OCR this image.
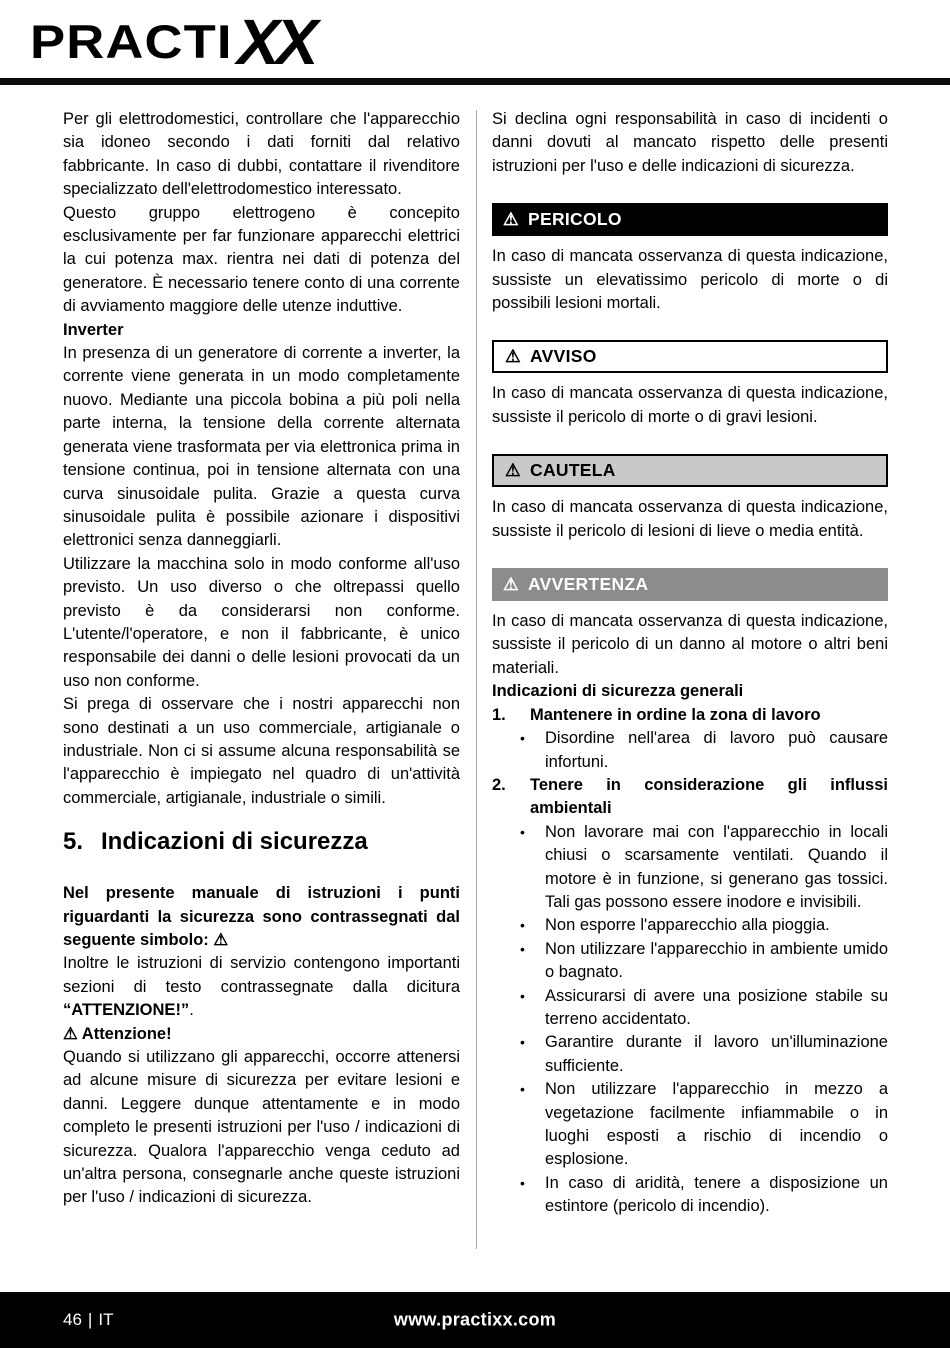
PRACTIXX

Per gli elettrodomestici, controllare che l'apparecchio sia idoneo secondo i dati forniti dal relativo fabbricante. In caso di dubbi, contattare il rivenditore specializzato dell'elettrodomestico interessato.

Questo gruppo elettrogeno è concepito esclusivamente per far funzionare apparecchi elettrici la cui potenza max. rientra nei dati di potenza del generatore. È necessario tenere conto di una corrente di avviamento maggiore delle utenze induttive.

Inverter

In presenza di un generatore di corrente a inverter, la corrente viene generata in un modo completamente nuovo. Mediante una piccola bobina a più poli nella parte interna, la tensione della corrente alternata generata viene trasformata per via elettronica prima in tensione continua, poi in tensione alternata con una curva sinusoidale pulita. Grazie a questa curva sinusoidale pulita è possibile azionare i dispositivi elettronici senza danneggiarli.

Utilizzare la macchina solo in modo conforme all'uso previsto. Un uso diverso o che oltrepassi quello previsto è da considerarsi non conforme. L'utente/l'operatore, e non il fabbricante, è unico responsabile dei danni o delle lesioni provocati da un uso non conforme.

Si prega di osservare che i nostri apparecchi non sono destinati a un uso commerciale, artigianale o industriale. Non ci si assume alcuna responsabilità se l'apparecchio è impiegato nel quadro di un'attività commerciale, artigianale, industriale o simili.

5. Indicazioni di sicurezza

Nel presente manuale di istruzioni i punti riguardanti la sicurezza sono contrassegnati dal seguente simbolo: ⚠

Inoltre le istruzioni di servizio contengono importanti sezioni di testo contrassegnate dalla dicitura “ATTENZIONE!”.

⚠ Attenzione!

Quando si utilizzano gli apparecchi, occorre attenersi ad alcune misure di sicurezza per evitare lesioni e danni. Leggere dunque attentamente e in modo completo le presenti istruzioni per l'uso / indicazioni di sicurezza. Qualora l'apparecchio venga ceduto ad un'altra persona, consegnarle anche queste istruzioni per l'uso / indicazioni di sicurezza.

Si declina ogni responsabilità in caso di incidenti o danni dovuti al mancato rispetto delle presenti istruzioni per l'uso e delle indicazioni di sicurezza.

⚠ PERICOLO

In caso di mancata osservanza di questa indicazione, sussiste un elevatissimo pericolo di morte o di possibili lesioni mortali.

⚠ AVVISO

In caso di mancata osservanza di questa indicazione, sussiste il pericolo di morte o di gravi lesioni.

⚠ CAUTELA

In caso di mancata osservanza di questa indicazione, sussiste il pericolo di lesioni di lieve o media entità.

⚠ AVVERTENZA

In caso di mancata osservanza di questa indicazione, sussiste il pericolo di un danno al motore o altri beni materiali.

Indicazioni di sicurezza generali

1. Mantenere in ordine la zona di lavoro
• Disordine nell'area di lavoro può causare infortuni.
2. Tenere in considerazione gli influssi ambientali
• Non lavorare mai con l'apparecchio in locali chiusi o scarsamente ventilati. Quando il motore è in funzione, si generano gas tossici. Tali gas possono essere inodore e invisibili.
• Non esporre l'apparecchio alla pioggia.
• Non utilizzare l'apparecchio in ambiente umido o bagnato.
• Assicurarsi di avere una posizione stabile su terreno accidentato.
• Garantire durante il lavoro un'illuminazione sufficiente.
• Non utilizzare l'apparecchio in mezzo a vegetazione facilmente infiammabile o in luoghi esposti a rischio di incendio o esplosione.
• In caso di aridità, tenere a disposizione un estintore (pericolo di incendio).
46 | IT	www.practixx.com
